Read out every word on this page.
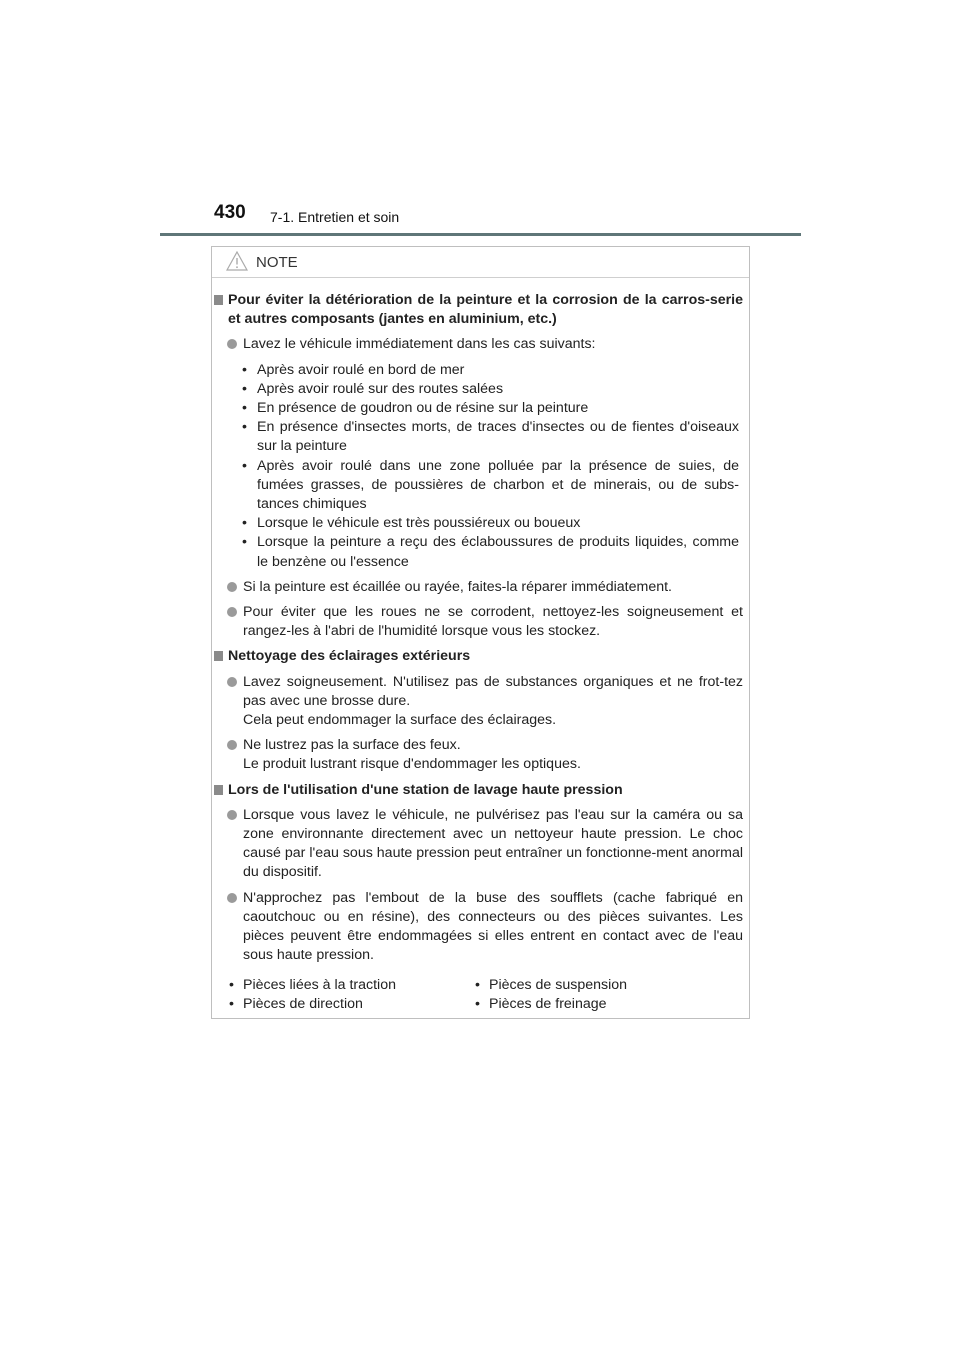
430 7-1. Entretien et soin
NOTE
Pour éviter la détérioration de la peinture et la corrosion de la carros-serie et autres composants (jantes en aluminium, etc.)
Lavez le véhicule immédiatement dans les cas suivants:
• Après avoir roulé en bord de mer
• Après avoir roulé sur des routes salées
• En présence de goudron ou de résine sur la peinture
• En présence d'insectes morts, de traces d'insectes ou de fientes d'oiseaux sur la peinture
• Après avoir roulé dans une zone polluée par la présence de suies, de fumées grasses, de poussières de charbon et de minerais, ou de subs-tances chimiques
• Lorsque le véhicule est très poussiéreux ou boueux
• Lorsque la peinture a reçu des éclaboussures de produits liquides, comme le benzène ou l'essence
Si la peinture est écaillée ou rayée, faites-la réparer immédiatement.
Pour éviter que les roues ne se corrodent, nettoyez-les soigneusement et rangez-les à l'abri de l'humidité lorsque vous les stockez.
Nettoyage des éclairages extérieurs
Lavez soigneusement. N'utilisez pas de substances organiques et ne frot-tez pas avec une brosse dure.
Cela peut endommager la surface des éclairages.
Ne lustrez pas la surface des feux.
Le produit lustrant risque d'endommager les optiques.
Lors de l'utilisation d'une station de lavage haute pression
Lorsque vous lavez le véhicule, ne pulvérisez pas l'eau sur la caméra ou sa zone environnante directement avec un nettoyeur haute pression. Le choc causé par l'eau sous haute pression peut entraîner un fonctionne-ment anormal du dispositif.
N'approchez pas l'embout de la buse des soufflets (cache fabriqué en caoutchouc ou en résine), des connecteurs ou des pièces suivantes. Les pièces peuvent être endommagées si elles entrent en contact avec de l'eau sous haute pression.
• Pièces liées à la traction
• Pièces de direction
• Pièces de suspension
• Pièces de freinage
